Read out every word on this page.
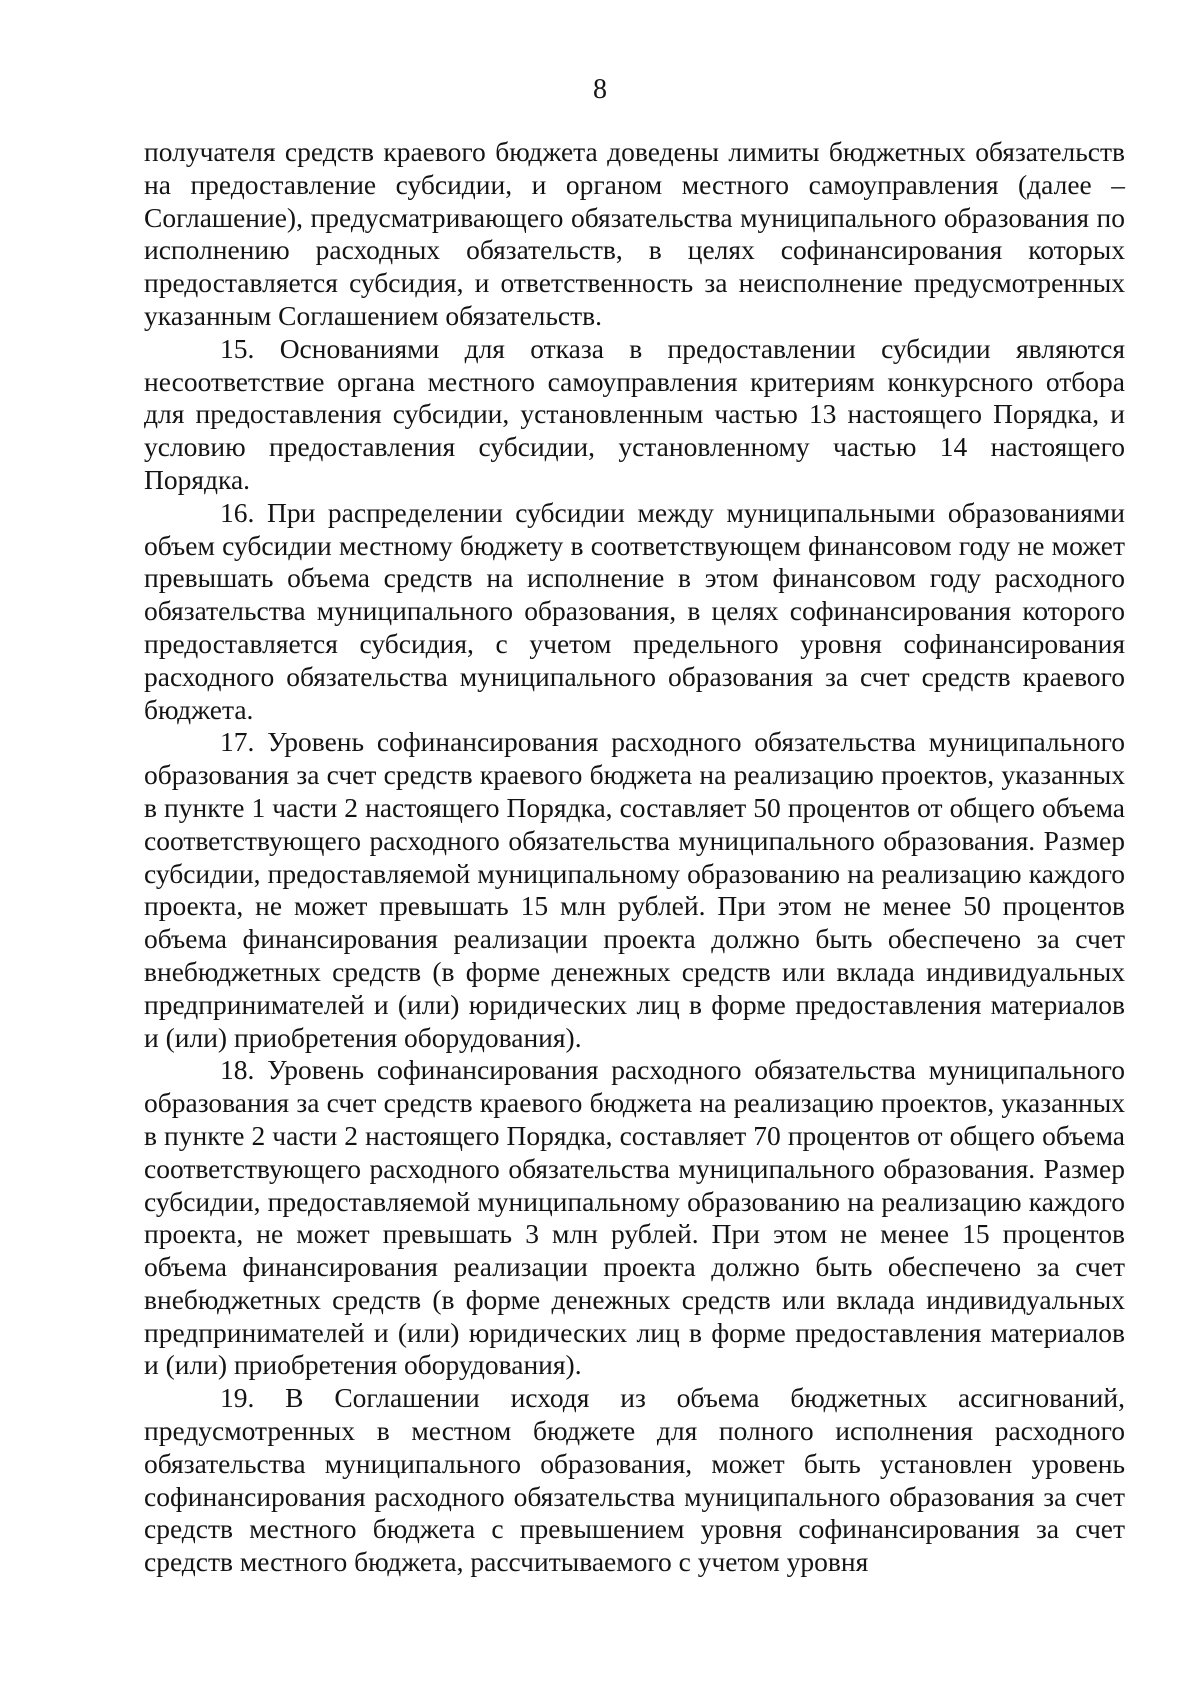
8

получателя средств краевого бюджета доведены лимиты бюджетных обязательств на предоставление субсидии, и органом местного самоуправления (далее – Соглашение), предусматривающего обязательства муниципального образования по исполнению расходных обязательств, в целях софинансирования которых предоставляется субсидия, и ответственность за неисполнение предусмотренных указанным Соглашением обязательств.

15. Основаниями для отказа в предоставлении субсидии являются несоответствие органа местного самоуправления критериям конкурсного отбора для предоставления субсидии, установленным частью 13 настоящего Порядка, и условию предоставления субсидии, установленному частью 14 настоящего Порядка.

16. При распределении субсидии между муниципальными образованиями объем субсидии местному бюджету в соответствующем финансовом году не может превышать объема средств на исполнение в этом финансовом году расходного обязательства муниципального образования, в целях софинансирования которого предоставляется субсидия, с учетом предельного уровня софинансирования расходного обязательства муниципального образования за счет средств краевого бюджета.

17. Уровень софинансирования расходного обязательства муниципального образования за счет средств краевого бюджета на реализацию проектов, указанных в пункте 1 части 2 настоящего Порядка, составляет 50 процентов от общего объема соответствующего расходного обязательства муниципального образования. Размер субсидии, предоставляемой муниципальному образованию на реализацию каждого проекта, не может превышать 15 млн рублей. При этом не менее 50 процентов объема финансирования реализации проекта должно быть обеспечено за счет внебюджетных средств (в форме денежных средств или вклада индивидуальных предпринимателей и (или) юридических лиц в форме предоставления материалов и (или) приобретения оборудования).

18. Уровень софинансирования расходного обязательства муниципального образования за счет средств краевого бюджета на реализацию проектов, указанных в пункте 2 части 2 настоящего Порядка, составляет 70 процентов от общего объема соответствующего расходного обязательства муниципального образования. Размер субсидии, предоставляемой муниципальному образованию на реализацию каждого проекта, не может превышать 3 млн рублей. При этом не менее 15 процентов объема финансирования реализации проекта должно быть обеспечено за счет внебюджетных средств (в форме денежных средств или вклада индивидуальных предпринимателей и (или) юридических лиц в форме предоставления материалов и (или) приобретения оборудования).

19. В Соглашении исходя из объема бюджетных ассигнований, предусмотренных в местном бюджете для полного исполнения расходного обязательства муниципального образования, может быть установлен уровень софинансирования расходного обязательства муниципального образования за счет средств местного бюджета с превышением уровня софинансирования за счет средств местного бюджета, рассчитываемого с учетом уровня
